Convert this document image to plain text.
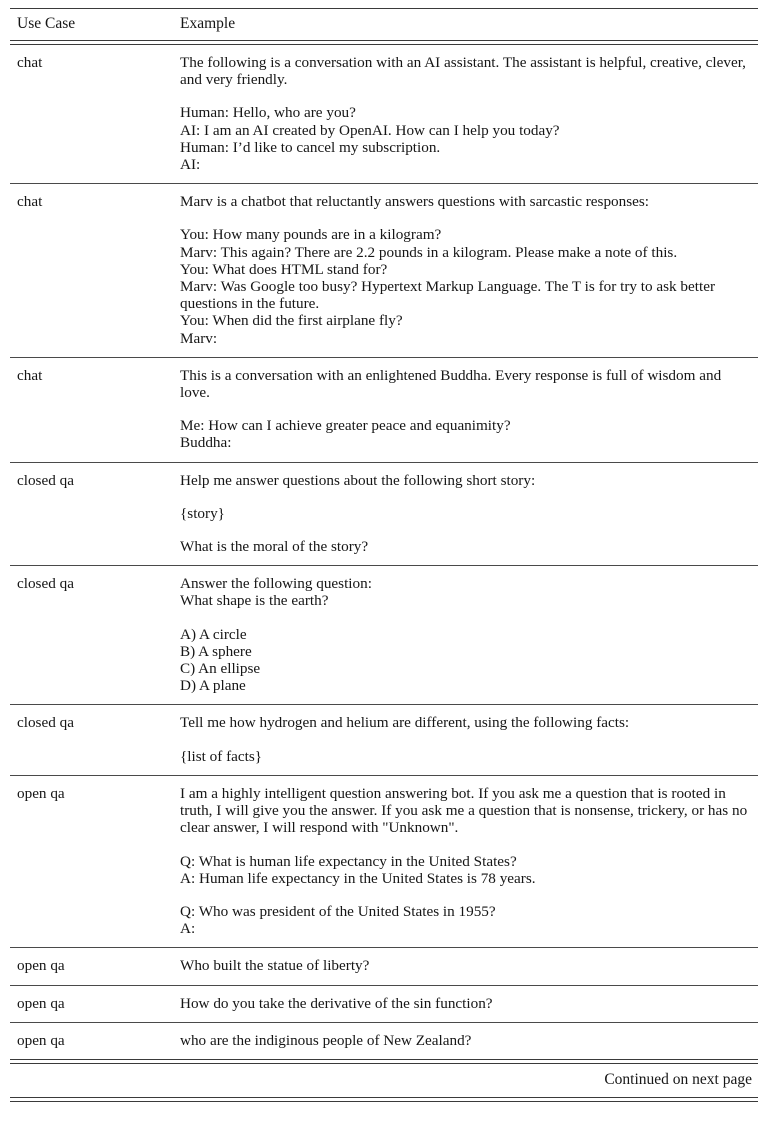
Use Case	Example

chat	The following is a conversation with an AI assistant. The assistant is helpful, creative, clever, and very friendly.
Human: Hello, who are you?
AI: I am an AI created by OpenAI. How can I help you today?
Human: I’d like to cancel my subscription.
AI:

chat	Marv is a chatbot that reluctantly answers questions with sarcastic responses:
You: How many pounds are in a kilogram?
Marv: This again? There are 2.2 pounds in a kilogram. Please make a note of this.
You: What does HTML stand for?
Marv: Was Google too busy? Hypertext Markup Language. The T is for try to ask better questions in the future.
You: When did the first airplane fly?
Marv:

chat	This is a conversation with an enlightened Buddha. Every response is full of wisdom and love.
Me: How can I achieve greater peace and equanimity?
Buddha:

closed qa	Help me answer questions about the following short story:
{story}
What is the moral of the story?

closed qa	Answer the following question:
What shape is the earth?
A) A circle
B) A sphere
C) An ellipse
D) A plane

closed qa	Tell me how hydrogen and helium are different, using the following facts:
{list of facts}

open qa	I am a highly intelligent question answering bot. If you ask me a question that is rooted in truth, I will give you the answer. If you ask me a question that is nonsense, trickery, or has no clear answer, I will respond with "Unknown".
Q: What is human life expectancy in the United States?
A: Human life expectancy in the United States is 78 years.
Q: Who was president of the United States in 1955?
A:

open qa	Who built the statue of liberty?

open qa	How do you take the derivative of the sin function?

open qa	who are the indiginous people of New Zealand?
Continued on next page
